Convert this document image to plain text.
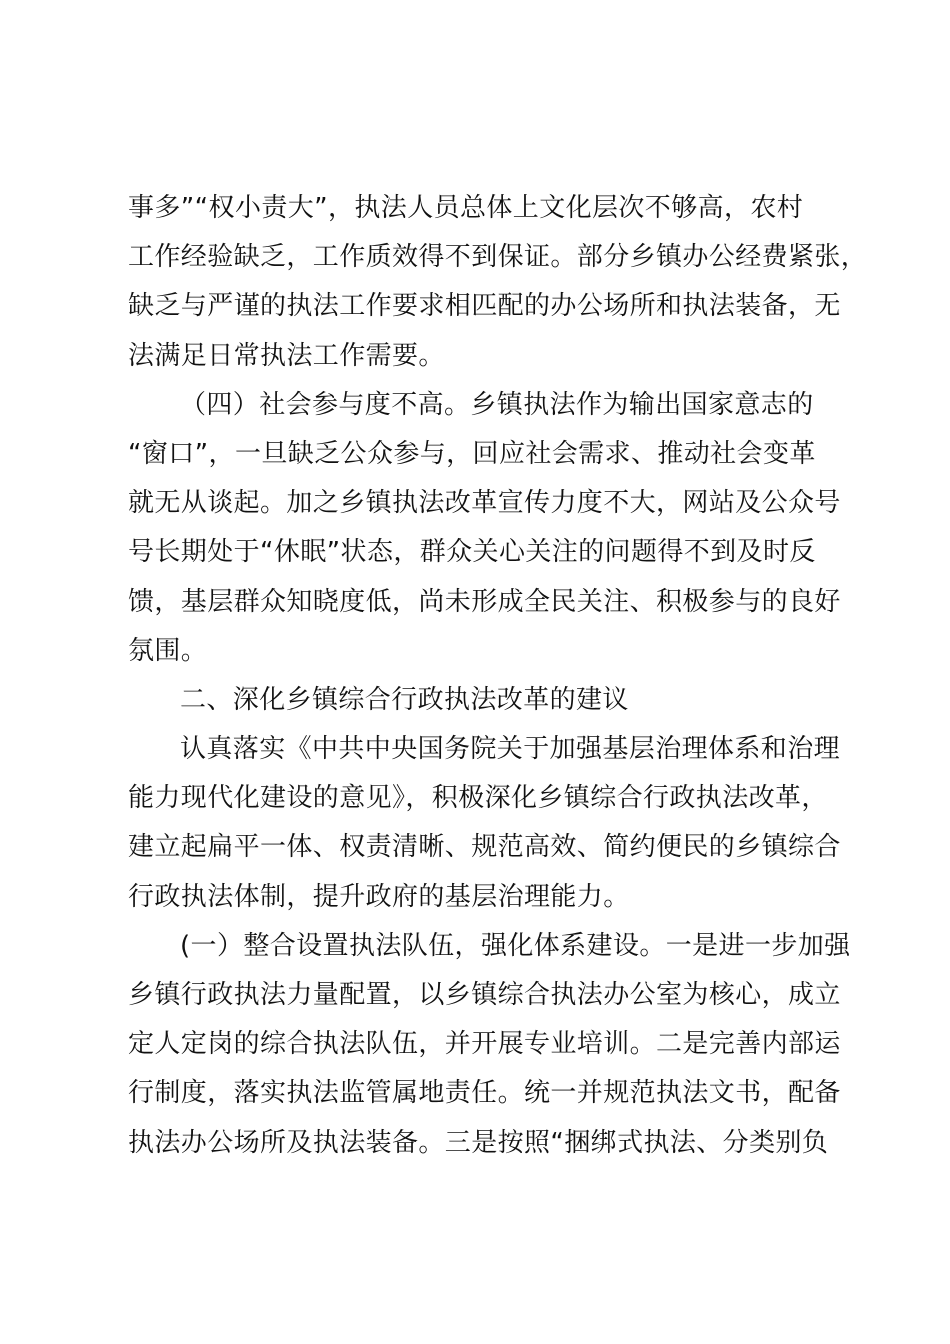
事多”“权小责大”，执法人员总体上文化层次不够高，农村
工作经验缺乏，工作质效得不到保证。部分乡镇办公经费紧张，
缺乏与严谨的执法工作要求相匹配的办公场所和执法装备，无
法满足日常执法工作需要。
（四）社会参与度不高。乡镇执法作为输出国家意志的
“窗口”，一旦缺乏公众参与，回应社会需求、推动社会变革
就无从谈起。加之乡镇执法改革宣传力度不大，网站及公众号
号长期处于“休眠”状态，群众关心关注的问题得不到及时反
馈，基层群众知晓度低，尚未形成全民关注、积极参与的良好
氛围。
二、深化乡镇综合行政执法改革的建议
认真落实《中共中央国务院关于加强基层治理体系和治理
能力现代化建设的意见》，积极深化乡镇综合行政执法改革，
建立起扁平一体、权责清晰、规范高效、简约便民的乡镇综合
行政执法体制，提升政府的基层治理能力。
(一）整合设置执法队伍，强化体系建设。一是进一步加强
乡镇行政执法力量配置，以乡镇综合执法办公室为核心，成立
定人定岗的综合执法队伍，并开展专业培训。二是完善内部运
行制度，落实执法监管属地责任。统一并规范执法文书，配备
执法办公场所及执法装备。三是按照“捆绑式执法、分类别负
